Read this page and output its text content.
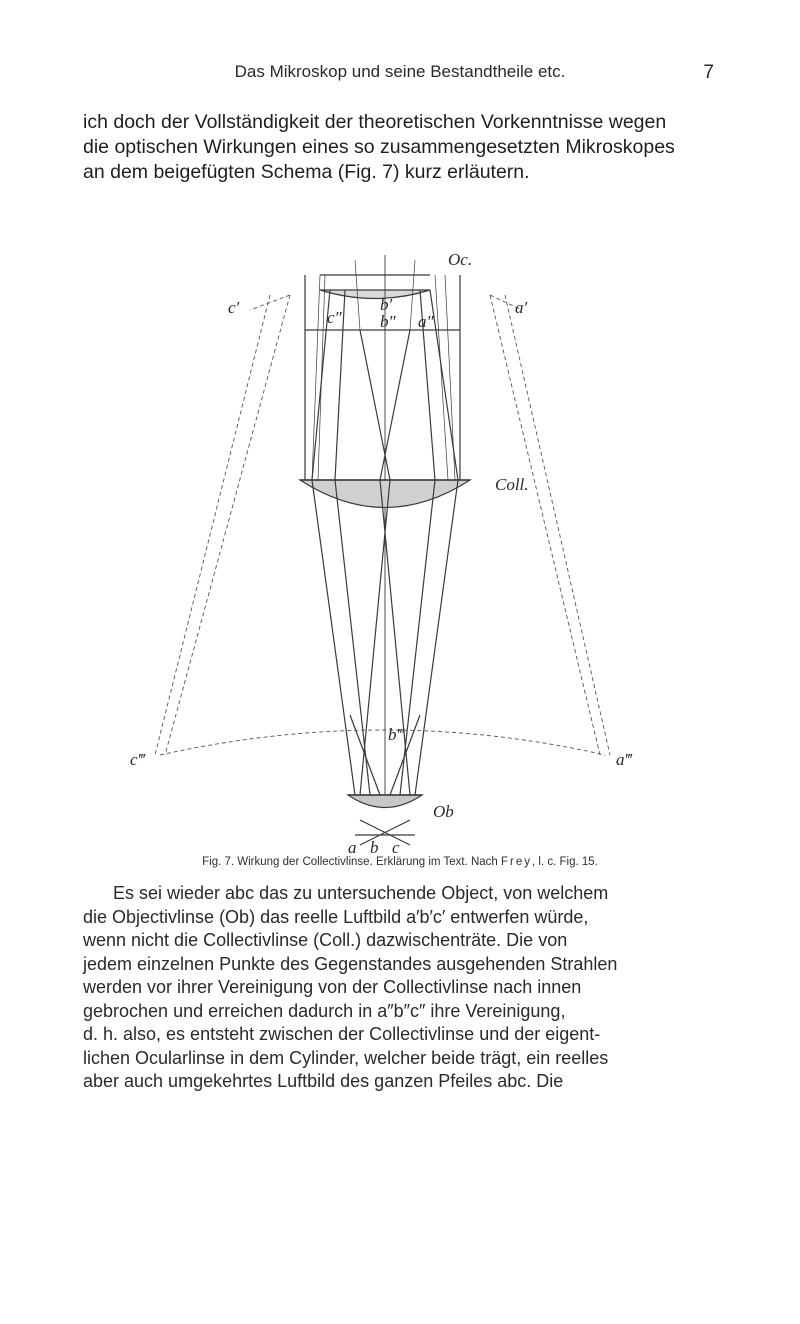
Das Mikroskop und seine Bestandtheile etc.	7
ich doch der Vollständigkeit der theoretischen Vorkenntnisse wegen
die optischen Wirkungen eines so zusammengesetzten Mikroskopes
an dem beigefügten Schema (Fig. 7) kurz erläutern.
Oc.
Coll.
Ob
c′
c″
b′
b″ a″
a′
c‴
b‴
a‴
a b c
Fig. 7. Wirkung der Collectivlinse. Erklärung im Text. Nach Frey, l. c. Fig. 15.
Es sei wieder abc das zu untersuchende Object, von welchem
die Objectivlinse (Ob) das reelle Luftbild a′b′c′ entwerfen würde,
wenn nicht die Collectivlinse (Coll.) dazwischenträte. Die von
jedem einzelnen Punkte des Gegenstandes ausgehenden Strahlen
werden vor ihrer Vereinigung von der Collectivlinse nach innen
gebrochen und erreichen dadurch in a″b″c″ ihre Vereinigung,
d. h. also, es entsteht zwischen der Collectivlinse und der eigent-
lichen Ocularlinse in dem Cylinder, welcher beide trägt, ein reelles
aber auch umgekehrtes Luftbild des ganzen Pfeiles abc. Die
